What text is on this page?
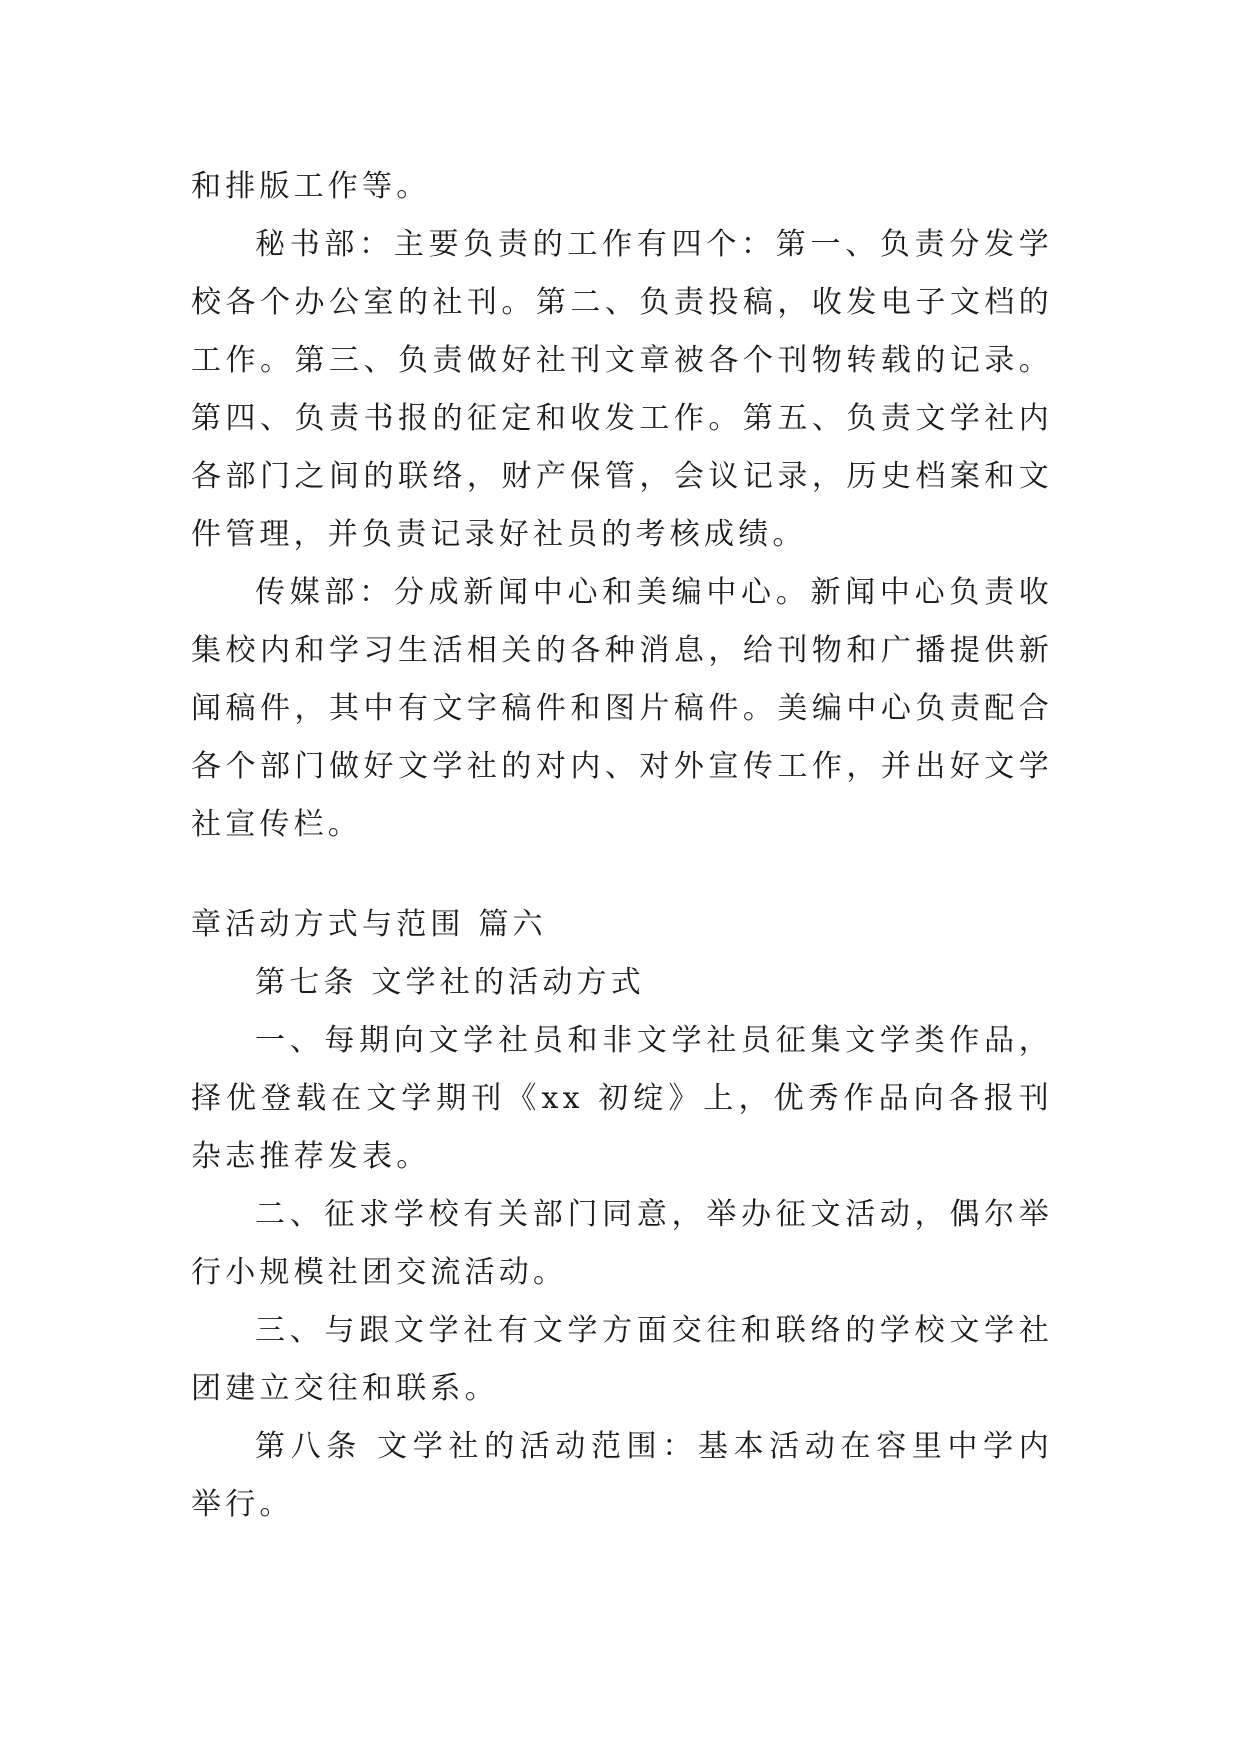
和排版工作等。

秘书部：主要负责的工作有四个：第一、负责分发学校各个办公室的社刊。第二、负责投稿，收发电子文档的工作。第三、负责做好社刊文章被各个刊物转载的记录。第四、负责书报的征定和收发工作。第五、负责文学社内各部门之间的联络，财产保管，会议记录，历史档案和文件管理，并负责记录好社员的考核成绩。

传媒部：分成新闻中心和美编中心。新闻中心负责收集校内和学习生活相关的各种消息，给刊物和广播提供新闻稿件，其中有文字稿件和图片稿件。美编中心负责配合各个部门做好文学社的对内、对外宣传工作，并出好文学社宣传栏。

章活动方式与范围 篇六

第七条 文学社的活动方式

一、每期向文学社员和非文学社员征集文学类作品，择优登载在文学期刊《xx 初绽》上，优秀作品向各报刊杂志推荐发表。

二、征求学校有关部门同意，举办征文活动，偶尔举行小规模社团交流活动。

三、与跟文学社有文学方面交往和联络的学校文学社团建立交往和联系。

第八条 文学社的活动范围：基本活动在容里中学内举行。
